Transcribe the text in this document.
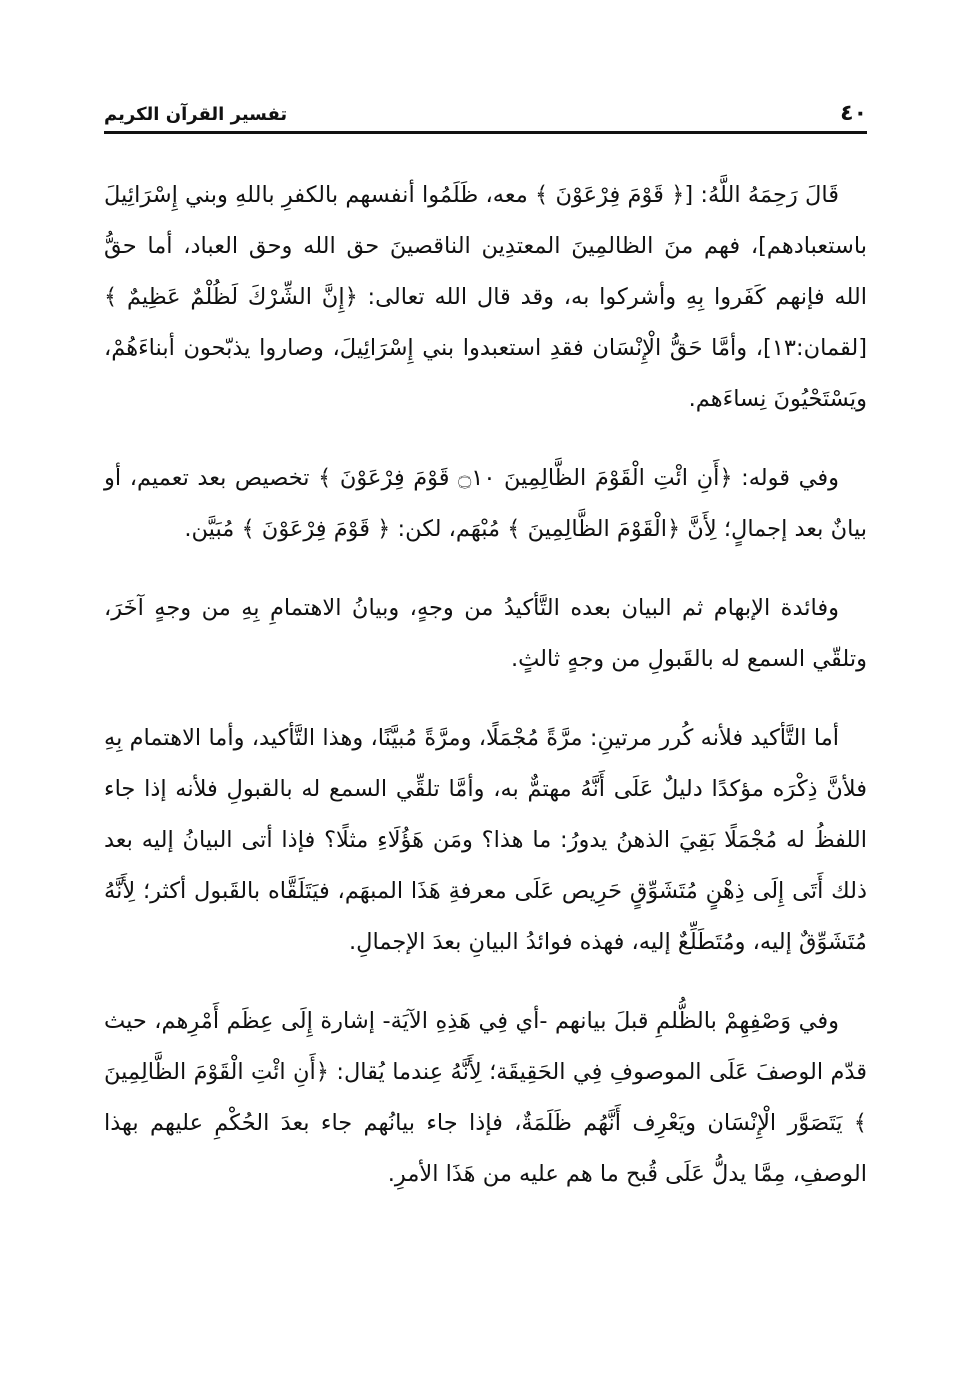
٤٠
تفسير القرآن الكريم

قَالَ رَحِمَهُ اللَّهُ: [﴿ قَوْمَ فِرْعَوْنَ ﴾ معه، ظَلَمُوا أنفسهم بالكفرِ باللهِ وبني إِسْرَائِيلَ باستعبادهم]، فهم منَ الظالمِينَ المعتدِين الناقصينَ حق الله وحق العباد، أما حقُّ الله فإنهم كَفَروا بِهِ وأشركوا به، وقد قال الله تعالى: ﴿إِنَّ الشِّرْكَ لَظُلْمٌ عَظِيمٌ ﴾ [لقمان:١٣]، وأمَّا حَقُّ الْإِنْسَان فقدِ استعبدوا بني إِسْرَائِيلَ، وصاروا يذبّحون أبناءَهُمْ، ويَسْتَحْيُونَ نِساءَهم.

وفي قوله: ﴿أَنِ ائْتِ الْقَوْمَ الظَّالِمِينَ ۝١٠ قَوْمَ فِرْعَوْنَ ﴾ تخصيص بعد تعميم، أو بيانٌ بعد إجمالٍ؛ لِأَنَّ ﴿الْقَوْمَ الظَّالِمِينَ ﴾ مُبْهَم، لكن: ﴿ قَوْمَ فِرْعَوْنَ ﴾ مُبَيَّن.

وفائدة الإبهام ثم البيان بعده التَّأكيدُ من وجهٍ، وبيانُ الاهتمامِ بِهِ من وجهٍ آخَرَ، وتلقّي السمع له بالقَبولِ من وجهٍ ثالثٍ.

أما التَّأكيد فلأنه كُرر مرتينِ: مرَّةً مُجْمَلًا، ومرَّةً مُبيَّنًا، وهذا التَّأكيد، وأما الاهتمام بِهِ فلأنَّ ذِكْرَه مؤكدًا دليلٌ عَلَى أَنَّهُ مهتمٌّ به، وأمَّا تلقِّي السمع له بالقبولِ فلأنه إذا جاء اللفظُ له مُجْمَلًا بَقِيَ الذهنُ يدورُ: ما هذا؟ ومَن هَؤُلَاءِ مثلًا؟ فإذا أتى البيانُ إليه بعد ذلك أَتَى إِلَى ذِهْنٍ مُتَشَوِّقٍ حَرِيص عَلَى معرفةِ هَذَا المبهَم، فيَتَلَقَّاه بالقَبول أكثر؛ لِأَنَّهُ مُتَشَوِّقٌ إليه، ومُتَطَلِّعٌ إليه، فهذه فوائدُ البيانِ بعدَ الإجمالِ.

وفي وَصْفِهِمْ بالظُّلمِ قبلَ بيانهم -أي فِي هَذِهِ الآيَة- إشارة إِلَى عِظَم أَمْرِهم، حيث قدّم الوصفَ عَلَى الموصوفِ فِي الحَقِيقَة؛ لِأَنَّهُ عِندما يُقال: ﴿أَنِ ائْتِ الْقَوْمَ الظَّالِمِينَ ﴾ يَتَصَوَّر الْإِنْسَان ويَعْرِف أَنَّهُم ظَلَمَةٌ، فإذا جاء بيانُهم جاء بعدَ الحُكْمِ عليهم بهذا الوصفِ، مِمَّا يدلُّ عَلَى قُبح ما هم عليه من هَذَا الأمرِ.
